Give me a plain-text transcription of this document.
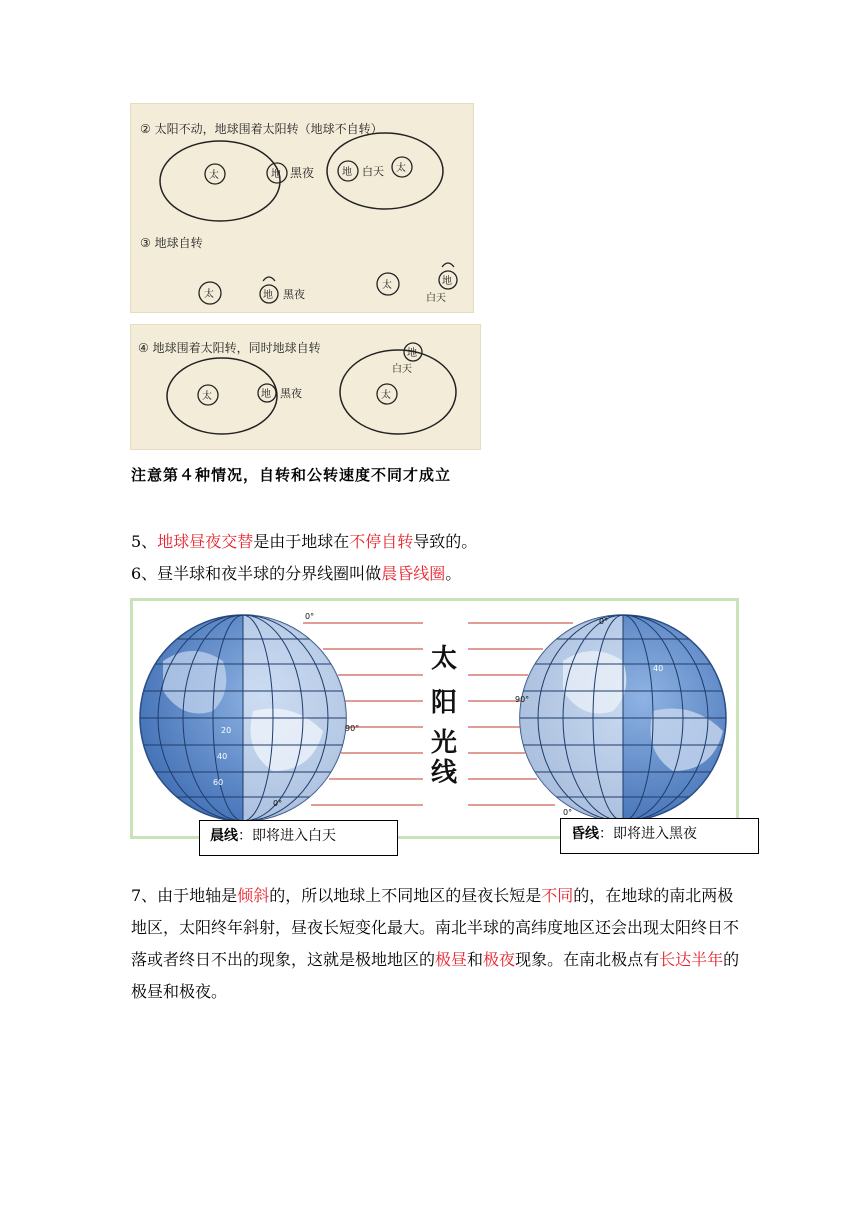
② 太阳不动，地球围着太阳转（地球不自转）
太	地 黑夜	地 白天 太
③ 地球自转
太	地 黑夜
太	地
白天
④ 地球围着太阳转，同时地球自转
太	地 黑夜	太
地
白天
注意第４种情况，自转和公转速度不同才成立
5、地球昼夜交替是由于地球在不停自转导致的。
6、昼半球和夜半球的分界线圈叫做晨昏线圈。
0°
90°
0°
20
40
60
0°
90°
0°
40
太
阳
光
线
晨线：即将进入白天	昏线：即将进入黑夜
7、由于地轴是倾斜的，所以地球上不同地区的昼夜长短是不同的，在地球的南北两极地区，太阳终年斜射，昼夜长短变化最大。南北半球的高纬度地区还会出现太阳终日不落或者终日不出的现象，这就是极地地区的极昼和极夜现象。在南北极点有长达半年的极昼和极夜。
